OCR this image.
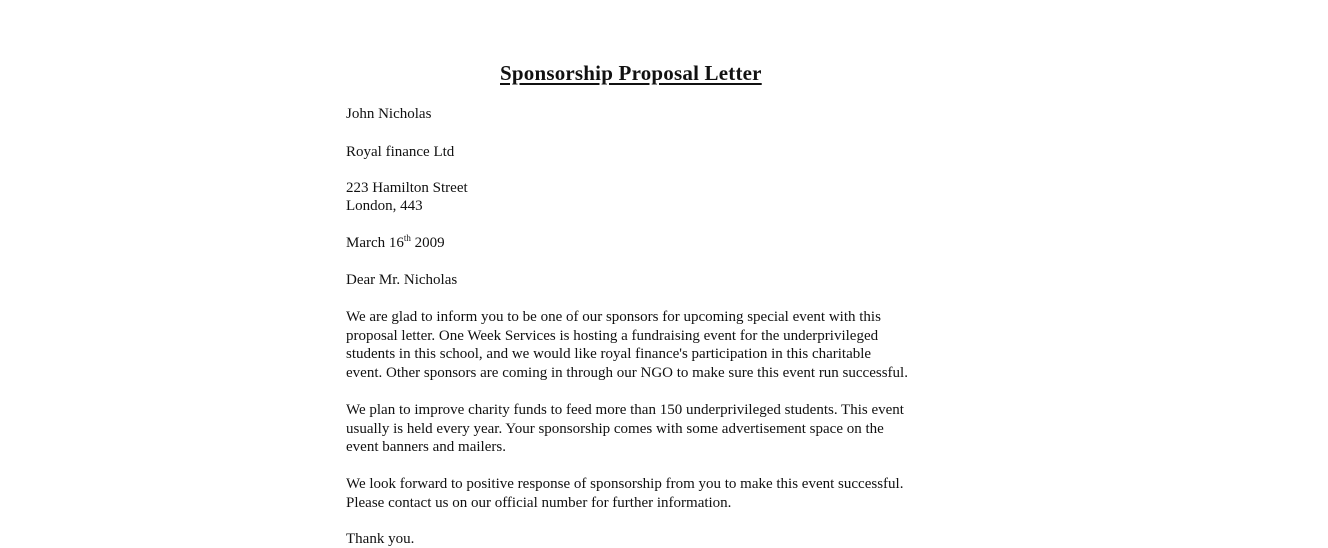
Sponsorship Proposal Letter
John Nicholas
Royal finance Ltd
223 Hamilton Street
London, 443
March 16th 2009
Dear Mr. Nicholas
We are glad to inform you to be one of our sponsors for upcoming special event with this
proposal letter. One Week Services is hosting a fundraising event for the underprivileged
students in this school, and we would like royal finance's participation in this charitable
event. Other sponsors are coming in through our NGO to make sure this event run successful.
We plan to improve charity funds to feed more than 150 underprivileged students. This event
usually is held every year. Your sponsorship comes with some advertisement space on the
event banners and mailers.
We look forward to positive response of sponsorship from you to make this event successful.
Please contact us on our official number for further information.
Thank you.
